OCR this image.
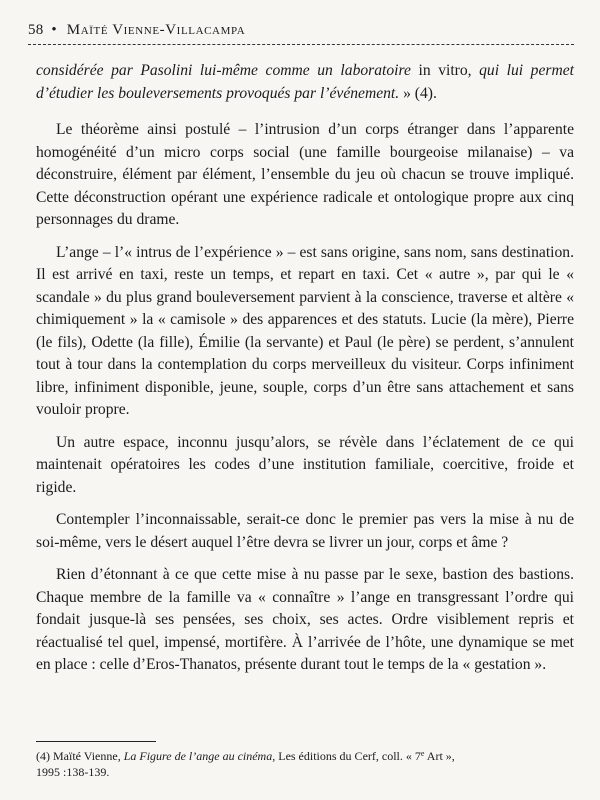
58 • Maïté Vienne-Villacampa

considérée par Pasolini lui-même comme un laboratoire in vitro, qui lui permet d’étudier les bouleversements provoqués par l’événement. » (4).

Le théorème ainsi postulé – l’intrusion d’un corps étranger dans l’apparente homogénéité d’un micro corps social (une famille bourgeoise milanaise) – va déconstruire, élément par élément, l’ensemble du jeu où chacun se trouve impliqué. Cette déconstruction opérant une expérience radicale et ontologique propre aux cinq personnages du drame.

L’ange – l’« intrus de l’expérience » – est sans origine, sans nom, sans destination. Il est arrivé en taxi, reste un temps, et repart en taxi. Cet « autre », par qui le « scandale » du plus grand bouleversement parvient à la conscience, traverse et altère « chimiquement » la « camisole » des apparences et des statuts. Lucie (la mère), Pierre (le fils), Odette (la fille), Émilie (la servante) et Paul (le père) se perdent, s’annulent tout à tour dans la contemplation du corps merveilleux du visiteur. Corps infiniment libre, infiniment disponible, jeune, souple, corps d’un être sans attachement et sans vouloir propre.

Un autre espace, inconnu jusqu’alors, se révèle dans l’éclatement de ce qui maintenait opératoires les codes d’une institution familiale, coercitive, froide et rigide.

Contempler l’inconnaissable, serait-ce donc le premier pas vers la mise à nu de soi-même, vers le désert auquel l’être devra se livrer un jour, corps et âme ?

Rien d’étonnant à ce que cette mise à nu passe par le sexe, bastion des bastions. Chaque membre de la famille va « connaître » l’ange en transgressant l’ordre qui fondait jusque-là ses pensées, ses choix, ses actes. Ordre visiblement repris et réactualisé tel quel, impensé, mortifère. À l’arrivée de l’hôte, une dynamique se met en place : celle d’Eros-Thanatos, présente durant tout le temps de la « gestation ».

(4) Maïté Vienne, La Figure de l’ange au cinéma, Les éditions du Cerf, coll. « 7e Art »,
1995 :138-139.
